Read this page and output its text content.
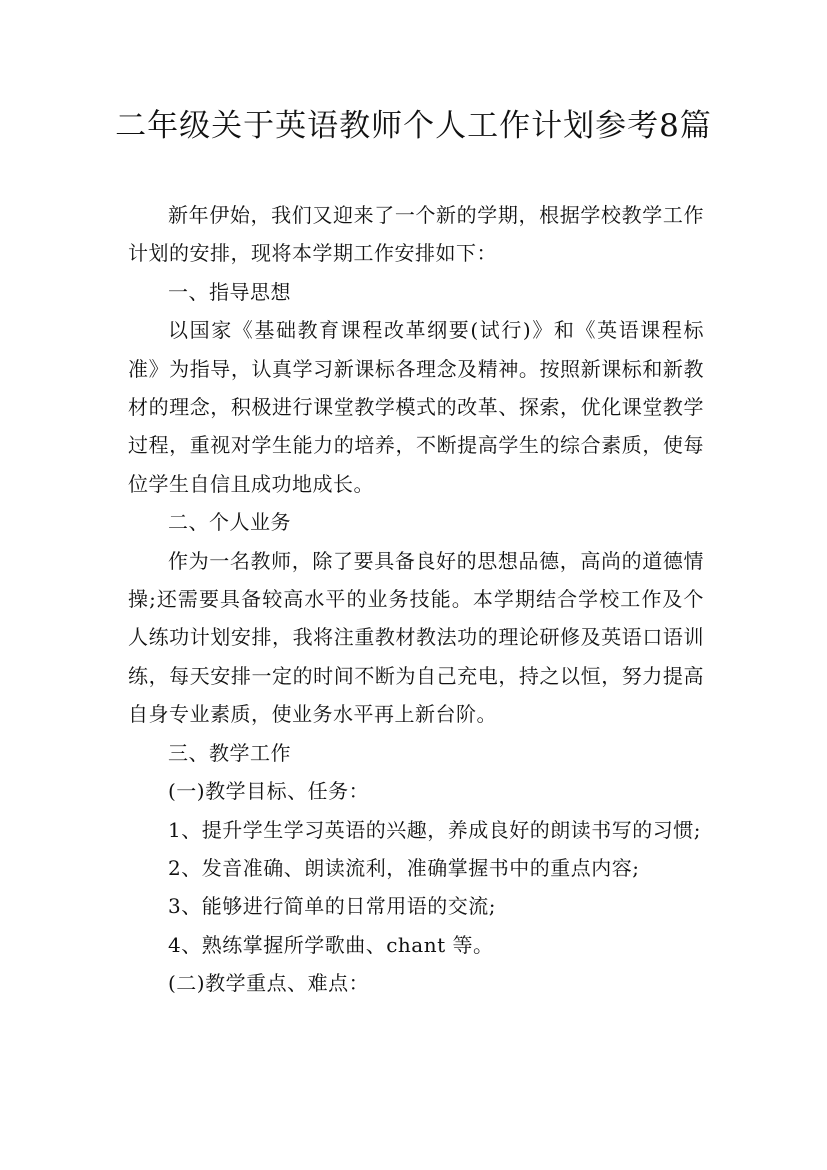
二年级关于英语教师个人工作计划参考8篇

新年伊始，我们又迎来了一个新的学期，根据学校教学工作计划的安排，现将本学期工作安排如下：

一、指导思想

以国家《基础教育课程改革纲要(试行)》和《英语课程标准》为指导，认真学习新课标各理念及精神。按照新课标和新教材的理念，积极进行课堂教学模式的改革、探索，优化课堂教学过程，重视对学生能力的培养，不断提高学生的综合素质，使每位学生自信且成功地成长。

二、个人业务

作为一名教师，除了要具备良好的思想品德，高尚的道德情操;还需要具备较高水平的业务技能。本学期结合学校工作及个人练功计划安排，我将注重教材教法功的理论研修及英语口语训练，每天安排一定的时间不断为自己充电，持之以恒，努力提高自身专业素质，使业务水平再上新台阶。

三、教学工作

(一)教学目标、任务：

1、提升学生学习英语的兴趣，养成良好的朗读书写的习惯;

2、发音准确、朗读流利，准确掌握书中的重点内容;

3、能够进行简单的日常用语的交流;

4、熟练掌握所学歌曲、chant 等。

(二)教学重点、难点：
